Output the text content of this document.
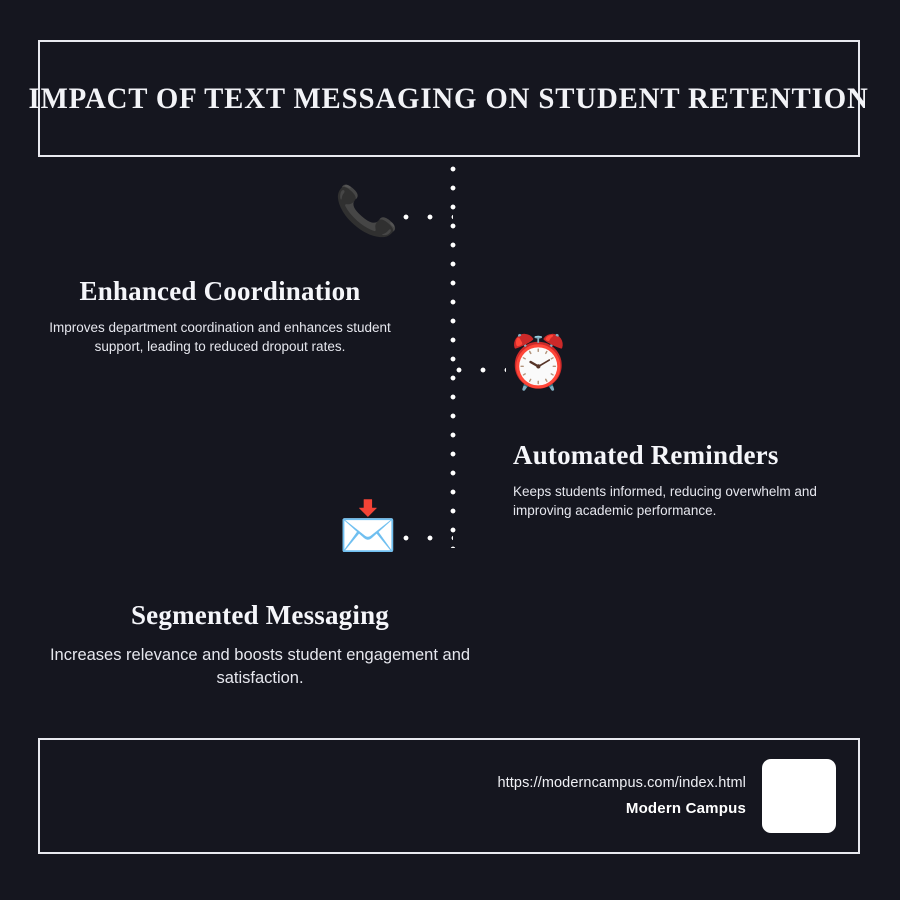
IMPACT OF TEXT MESSAGING ON STUDENT RETENTION
📞
⏰
📩
Enhanced Coordination

Improves department coordination and enhances student support, leading to reduced dropout rates.

Automated Reminders

Keeps students informed, reducing overwhelm and improving academic performance.

Segmented Messaging

Increases relevance and boosts student engagement and satisfaction.

https://moderncampus.com/index.html
Modern Campus
